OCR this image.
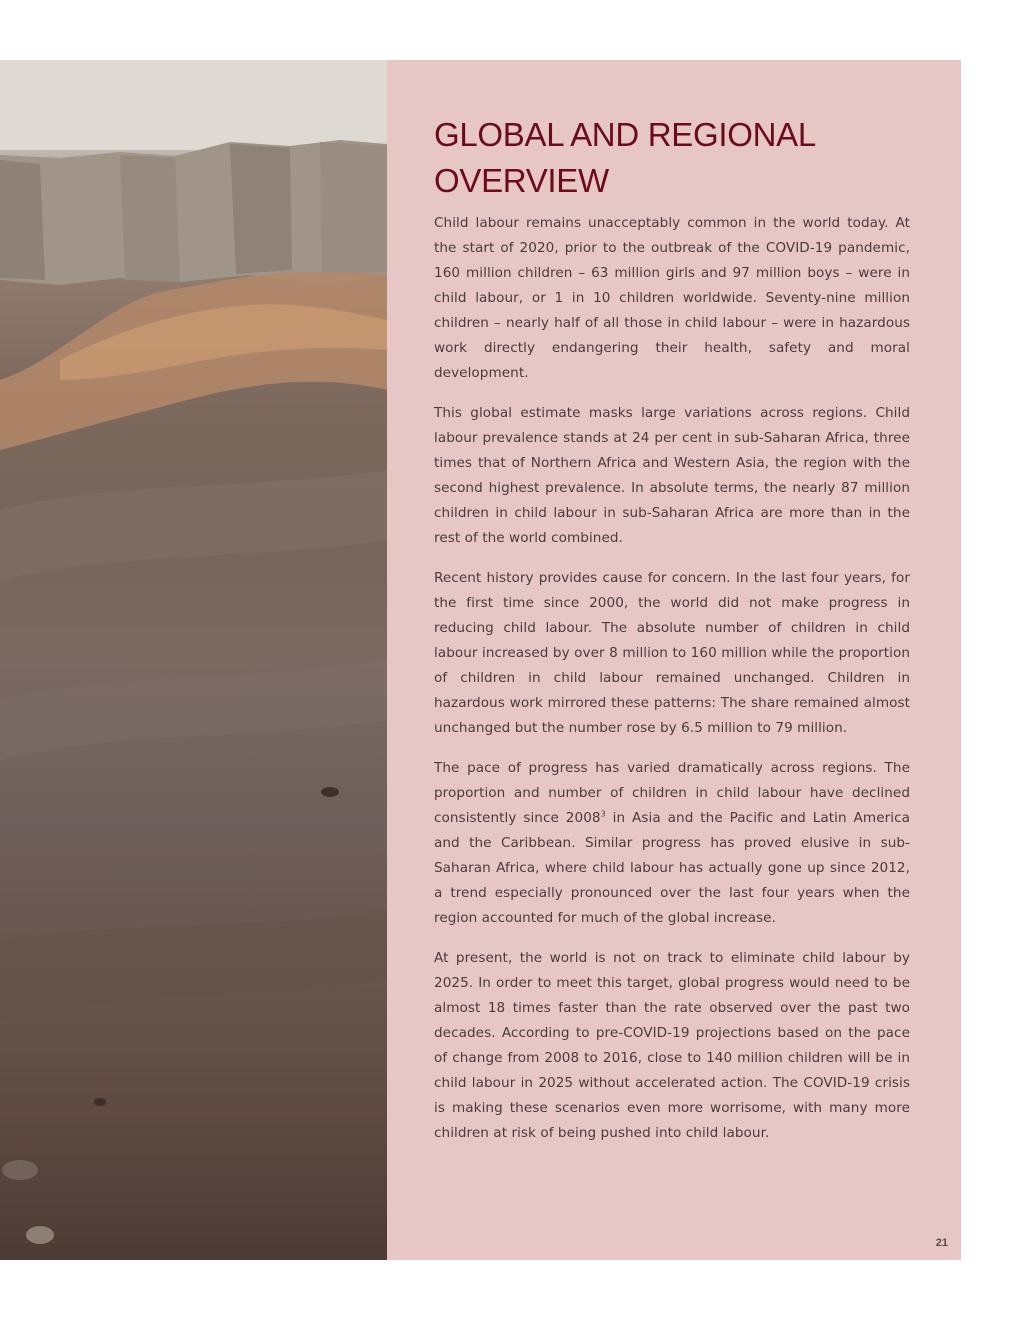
GLOBAL AND REGIONAL OVERVIEW

Child labour remains unacceptably common in the world today. At the start of 2020, prior to the outbreak of the COVID-19 pandemic, 160 million children – 63 million girls and 97 million boys – were in child labour, or 1 in 10 children worldwide. Seventy-nine million children – nearly half of all those in child labour – were in hazardous work directly endangering their health, safety and moral development.

This global estimate masks large variations across regions. Child labour prevalence stands at 24 per cent in sub-Saharan Africa, three times that of Northern Africa and Western Asia, the region with the second highest prevalence. In absolute terms, the nearly 87 million children in child labour in sub-Saharan Africa are more than in the rest of the world combined.

Recent history provides cause for concern. In the last four years, for the first time since 2000, the world did not make progress in reducing child labour. The absolute number of children in child labour increased by over 8 million to 160 million while the proportion of children in child labour remained unchanged. Children in hazardous work mirrored these patterns: The share remained almost unchanged but the number rose by 6.5 million to 79 million.

The pace of progress has varied dramatically across regions. The proportion and number of children in child labour have declined consistently since 2008$^3$ in Asia and the Pacific and Latin America and the Caribbean. Similar progress has proved elusive in sub-Saharan Africa, where child labour has actually gone up since 2012, a trend especially pronounced over the last four years when the region accounted for much of the global increase.

At present, the world is not on track to eliminate child labour by 2025. In order to meet this target, global progress would need to be almost 18 times faster than the rate observed over the past two decades. According to pre-COVID-19 projections based on the pace of change from 2008 to 2016, close to 140 million children will be in child labour in 2025 without accelerated action. The COVID-19 crisis is making these scenarios even more worrisome, with many more children at risk of being pushed into child labour.

21
